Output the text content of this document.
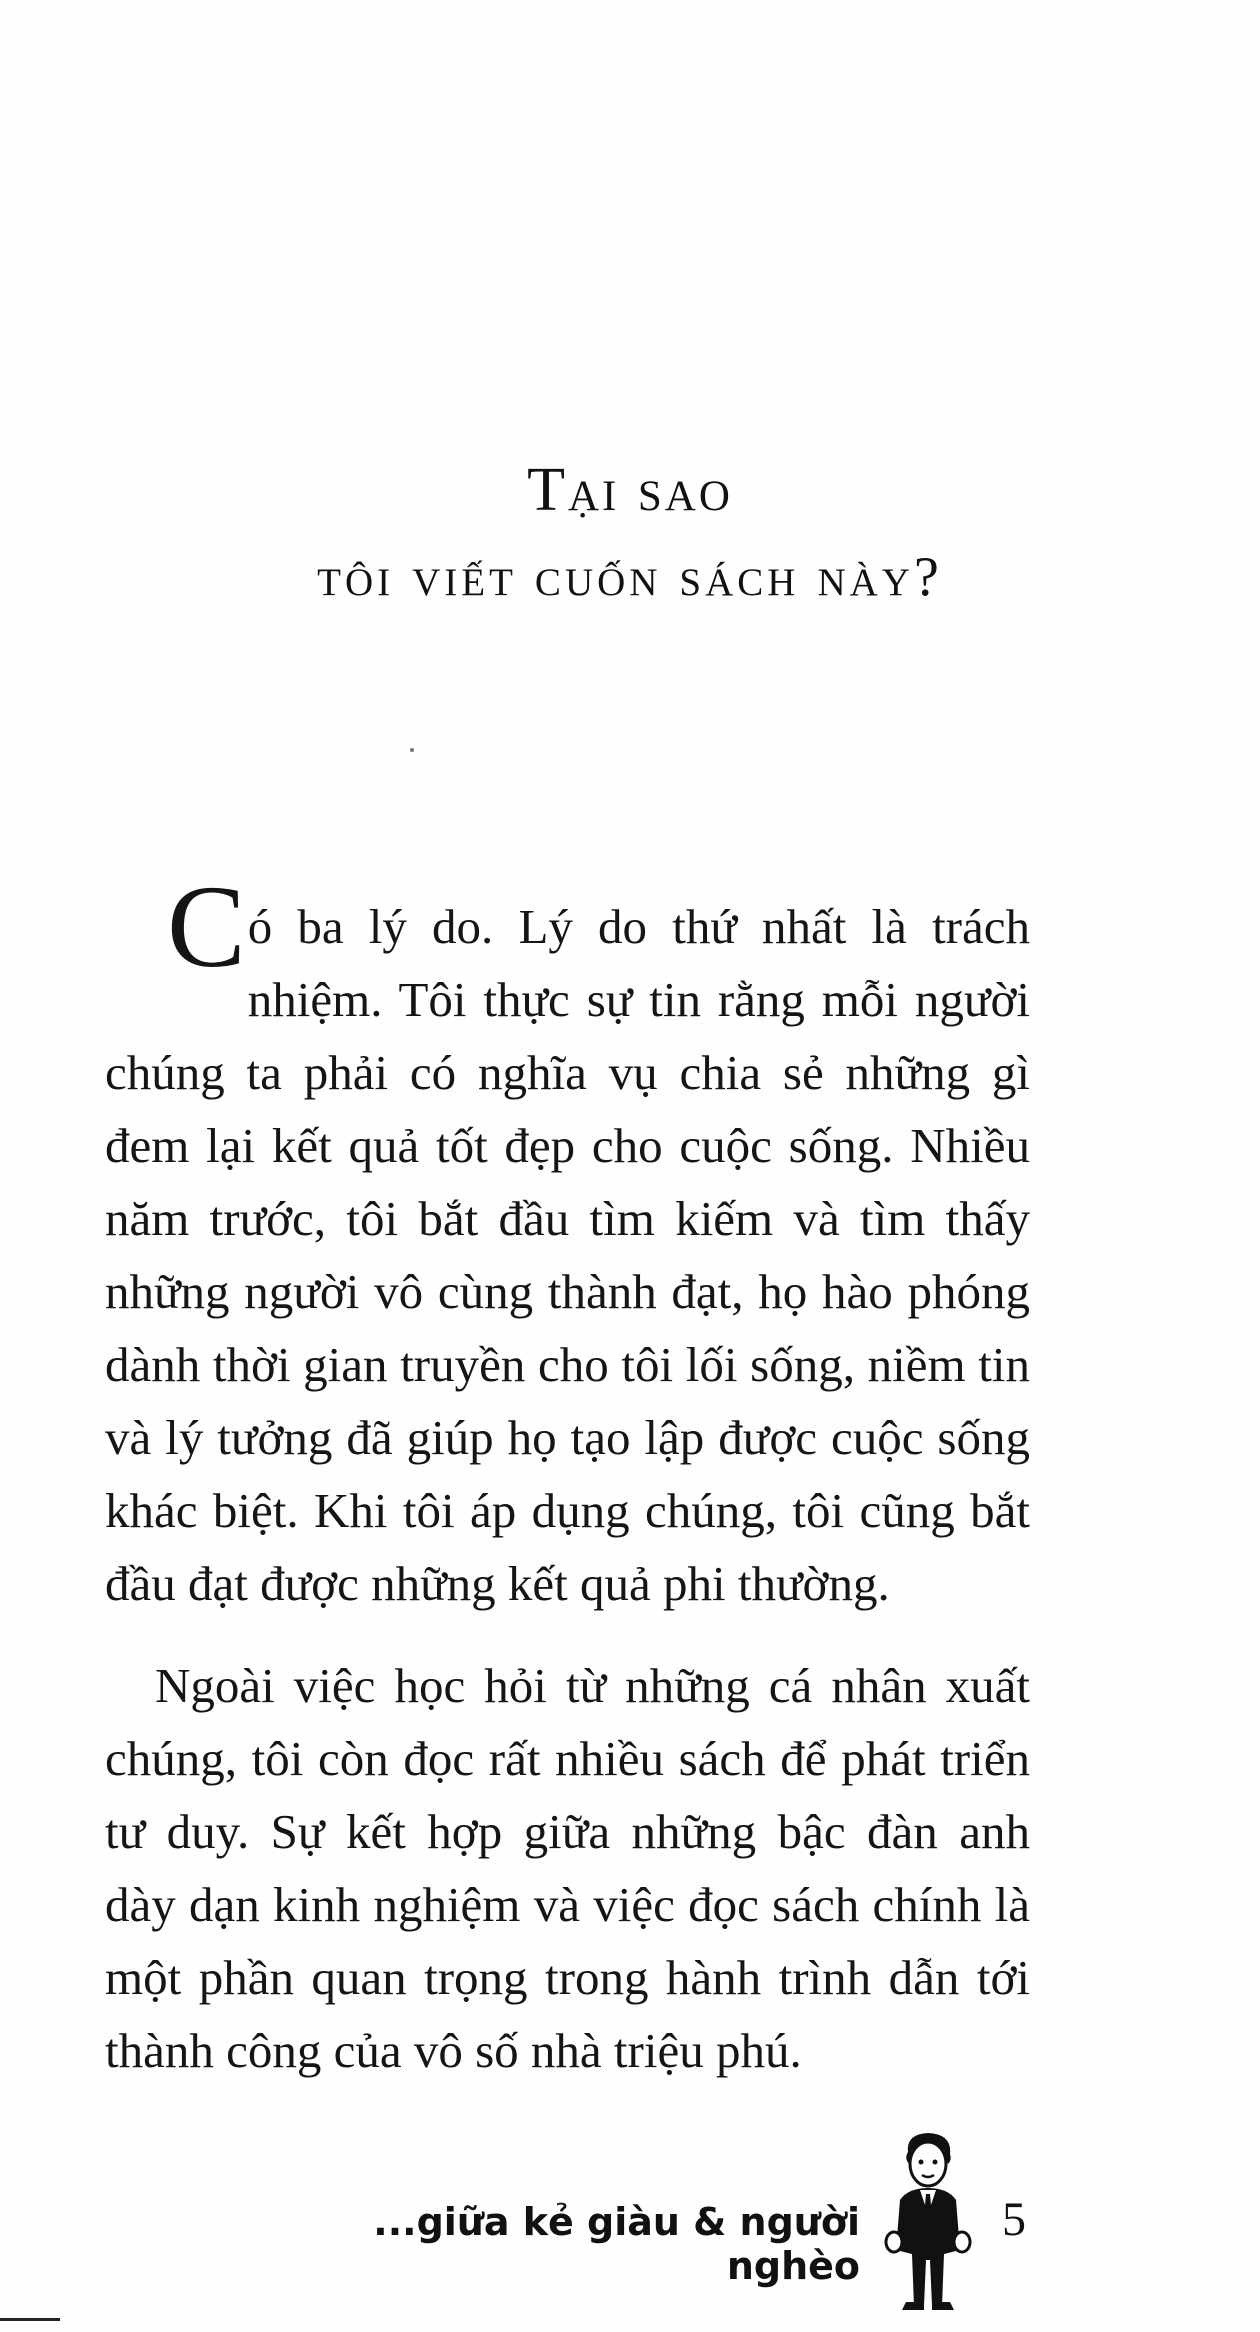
Tại sao
tôi viết cuốn sách này?
Có ba lý do. Lý do thứ nhất là trách nhiệm. Tôi thực sự tin rằng mỗi người chúng ta phải có nghĩa vụ chia sẻ những gì đem lại kết quả tốt đẹp cho cuộc sống. Nhiều năm trước, tôi bắt đầu tìm kiếm và tìm thấy những người vô cùng thành đạt, họ hào phóng dành thời gian truyền cho tôi lối sống, niềm tin và lý tưởng đã giúp họ tạo lập được cuộc sống khác biệt. Khi tôi áp dụng chúng, tôi cũng bắt đầu đạt được những kết quả phi thường.
Ngoài việc học hỏi từ những cá nhân xuất chúng, tôi còn đọc rất nhiều sách để phát triển tư duy. Sự kết hợp giữa những bậc đàn anh dày dạn kinh nghiệm và việc đọc sách chính là một phần quan trọng trong hành trình dẫn tới thành công của vô số nhà triệu phú.
...giữa kẻ giàu & người nghèo
5
